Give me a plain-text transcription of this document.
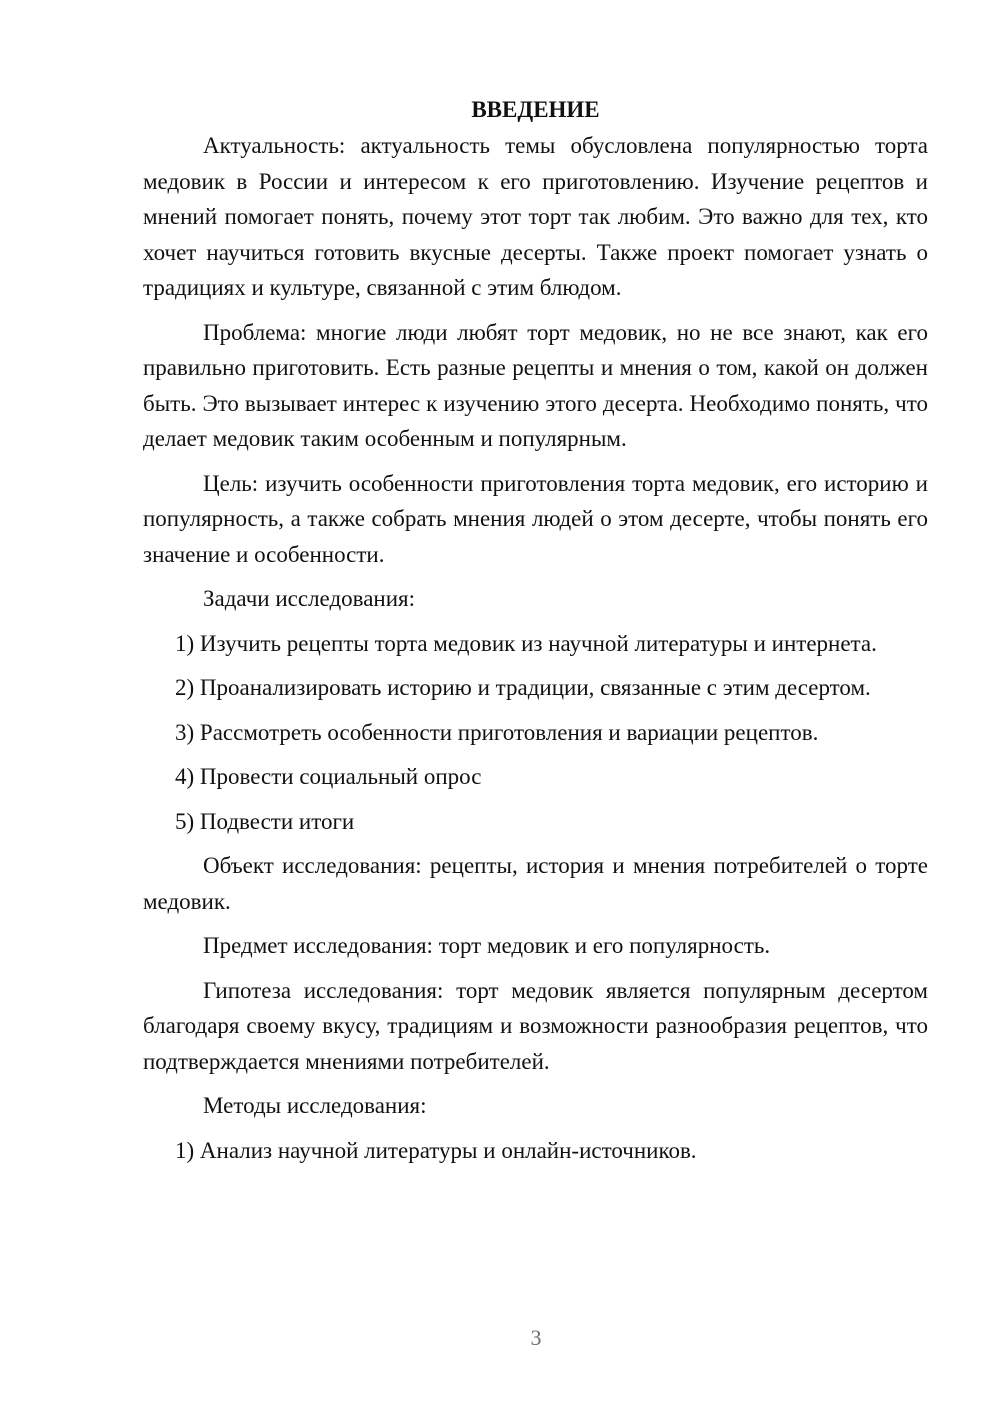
ВВЕДЕНИЕ

Актуальность: актуальность темы обусловлена популярностью торта медовик в России и интересом к его приготовлению. Изучение рецептов и мнений помогает понять, почему этот торт так любим. Это важно для тех, кто хочет научиться готовить вкусные десерты. Также проект помогает узнать о традициях и культуре, связанной с этим блюдом.

Проблема: многие люди любят торт медовик, но не все знают, как его правильно приготовить. Есть разные рецепты и мнения о том, какой он должен быть. Это вызывает интерес к изучению этого десерта. Необходимо понять, что делает медовик таким особенным и популярным.

Цель: изучить особенности приготовления торта медовик, его историю и популярность, а также собрать мнения людей о этом десерте, чтобы понять его значение и особенности.

Задачи исследования:

1) Изучить рецепты торта медовик из научной литературы и интернета.

2) Проанализировать историю и традиции, связанные с этим десертом.

3) Рассмотреть особенности приготовления и вариации рецептов.

4) Провести социальный опрос

5) Подвести итоги

Объект исследования: рецепты, история и мнения потребителей о торте медовик.

Предмет исследования: торт медовик и его популярность.

Гипотеза исследования: торт медовик является популярным десертом благодаря своему вкусу, традициям и возможности разнообразия рецептов, что подтверждается мнениями потребителей.

Методы исследования:

1) Анализ научной литературы и онлайн-источников.

3
